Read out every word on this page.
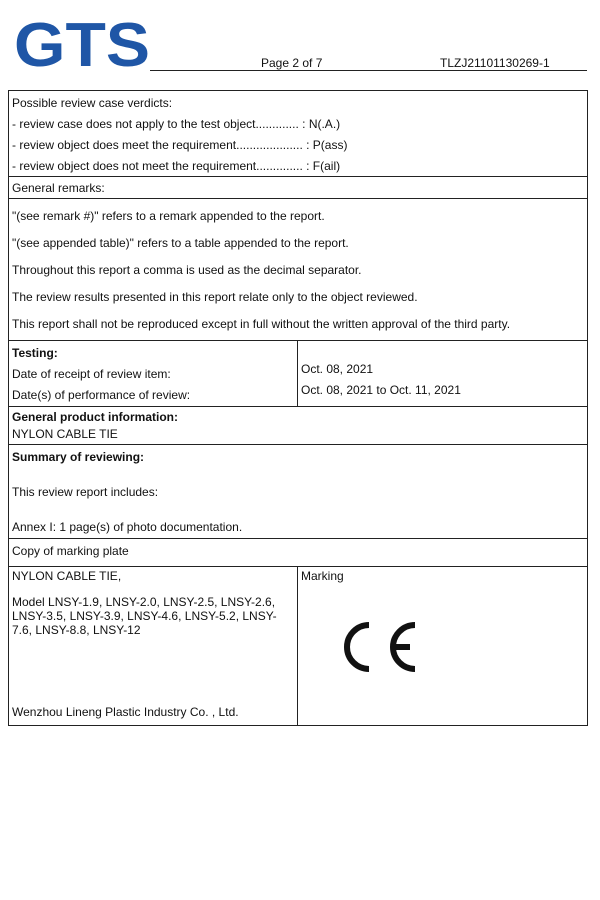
GTS	Page 2 of 7	TLZJ21101130269-1
Possible review case verdicts:
- review case does not apply to the test object............. : N(.A.)
- review object does meet the requirement.................... : P(ass)
- review object does not meet the requirement.............. : F(ail)
General remarks:
"(see remark #)" refers to a remark appended to the report.
"(see appended table)" refers to a table appended to the report.
Throughout this report a comma is used as the decimal separator.
The review results presented in this report relate only to the object reviewed.
This report shall not be reproduced except in full without the written approval of the third party.
Testing:
Date of receipt of review item:
Date(s) of performance of review:
Oct. 08, 2021
Oct. 08, 2021 to Oct. 11, 2021
General product information:
NYLON CABLE TIE
Summary of reviewing:
This review report includes:
Annex I: 1 page(s) of photo documentation.
Copy of marking plate
NYLON CABLE TIE,
Model LNSY-1.9, LNSY-2.0, LNSY-2.5, LNSY-2.6, LNSY-3.5, LNSY-3.9, LNSY-4.6, LNSY-5.2, LNSY-7.6, LNSY-8.8, LNSY-12
Wenzhou Lineng Plastic Industry Co. , Ltd.
Marking
